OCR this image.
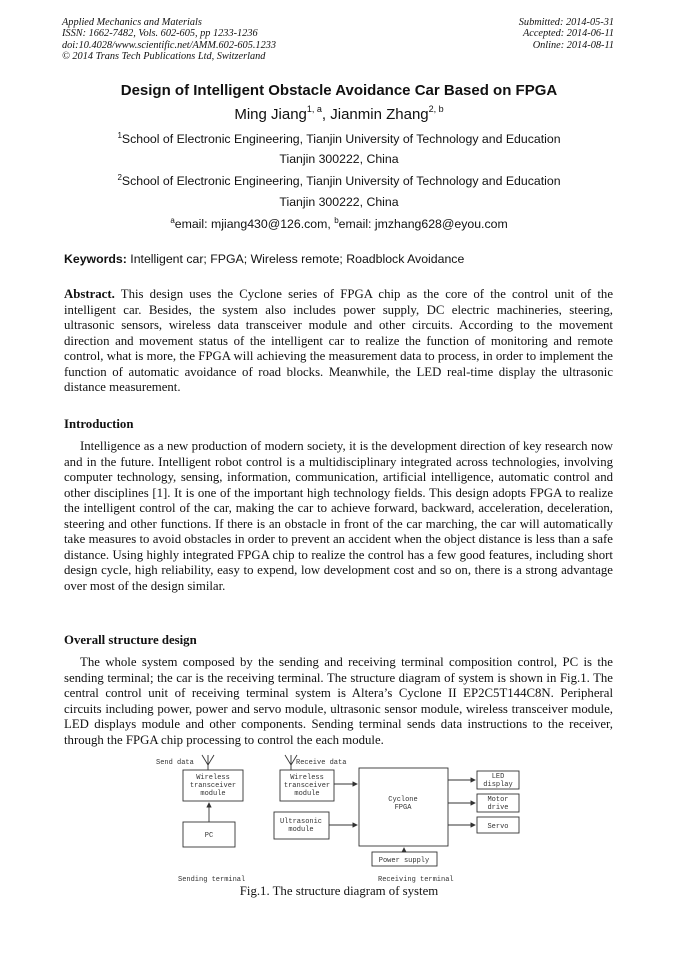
Applied Mechanics and Materials
ISSN: 1662-7482, Vols. 602-605, pp 1233-1236
doi:10.4028/www.scientific.net/AMM.602-605.1233
© 2014 Trans Tech Publications Ltd, Switzerland
Submitted: 2014-05-31
Accepted: 2014-06-11
Online: 2014-08-11
Design of Intelligent Obstacle Avoidance Car Based on FPGA
Ming Jiang$^{1, a}$, Jianmin Zhang$^{2, b}$
$^1$School of Electronic Engineering, Tianjin University of Technology and Education
Tianjin 300222, China
$^2$School of Electronic Engineering, Tianjin University of Technology and Education
Tianjin 300222, China
$^a$email: mjiang430@126.com, $^b$email: jmzhang628@eyou.com
Keywords: Intelligent car; FPGA; Wireless remote; Roadblock Avoidance
Abstract. This design uses the Cyclone series of FPGA chip as the core of the control unit of the intelligent car. Besides, the system also includes power supply, DC electric machineries, steering, ultrasonic sensors, wireless data transceiver module and other circuits. According to the movement direction and movement status of the intelligent car to realize the function of monitoring and remote control, what is more, the FPGA will achieving the measurement data to process, in order to implement the function of automatic avoidance of road blocks. Meanwhile, the LED real-time display the ultrasonic distance measurement.
Introduction
Intelligence as a new production of modern society, it is the development direction of key research now and in the future. Intelligent robot control is a multidisciplinary integrated across technologies, involving computer technology, sensing, information, communication, artificial intelligence, automatic control and other disciplines [1]. It is one of the important high technology fields. This design adopts FPGA to realize the intelligent control of the car, making the car to achieve forward, backward, acceleration, deceleration, steering and other functions. If there is an obstacle in front of the car marching, the car will automatically take measures to avoid obstacles in order to prevent an accident when the object distance is less than a safe distance. Using highly integrated FPGA chip to realize the control has a few good features, including short design cycle, high reliability, easy to expend, low development cost and so on, there is a strong advantage over most of the design similar.
Overall structure design
The whole system composed by the sending and receiving terminal composition control, PC is the sending terminal; the car is the receiving terminal. The structure diagram of system is shown in Fig.1. The central control unit of receiving terminal system is Altera’s Cyclone II EP2C5T144C8N. Peripheral circuits including power, power and servo module, ultrasonic sensor module, wireless transceiver module, LED displays module and other components. Sending terminal sends data instructions to the receiver, through the FPGA chip processing to control the each module.
Send data
Wireless
transceiver
module
PC
Sending terminal
Receive data
Wireless
transceiver
module
Ultrasonic
module
Cyclone
FPGA
LED
display
Motor
drive
Servo
Power supply
Receiving terminal
Fig.1. The structure diagram of system
